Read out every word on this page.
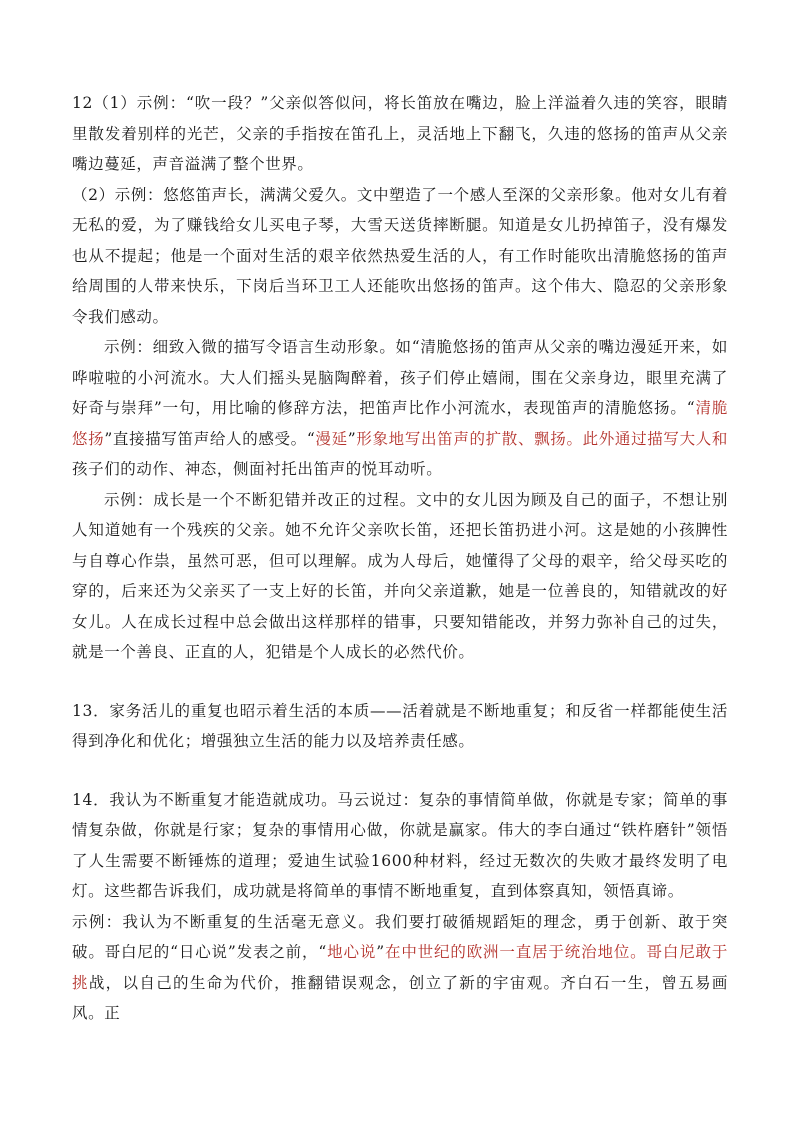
12（1）示例：“吹一段？”父亲似答似问，将长笛放在嘴边，脸上洋溢着久违的笑容，眼睛里散发着别样的光芒，父亲的手指按在笛孔上，灵活地上下翻飞，久违的悠扬的笛声从父亲嘴边蔓延，声音溢满了整个世界。

（2）示例：悠悠笛声长，满满父爱久。文中塑造了一个感人至深的父亲形象。他对女儿有着无私的爱，为了赚钱给女儿买电子琴，大雪天送货摔断腿。知道是女儿扔掉笛子，没有爆发也从不提起；他是一个面对生活的艰辛依然热爱生活的人，有工作时能吹出清脆悠扬的笛声给周围的人带来快乐，下岗后当环卫工人还能吹出悠扬的笛声。这个伟大、隐忍的父亲形象令我们感动。

示例：细致入微的描写令语言生动形象。如“清脆悠扬的笛声从父亲的嘴边漫延开来，如哗啦啦的小河流水。大人们摇头晃脑陶醉着，孩子们停止嬉闹，围在父亲身边，眼里充满了好奇与崇拜”一句，用比喻的修辞方法，把笛声比作小河流水，表现笛声的清脆悠扬。“清脆悠扬”直接描写笛声给人的感受。“漫延”形象地写出笛声的扩散、飘扬。此外通过描写大人和孩子们的动作、神态，侧面衬托出笛声的悦耳动听。

示例：成长是一个不断犯错并改正的过程。文中的女儿因为顾及自己的面子，不想让别人知道她有一个残疾的父亲。她不允许父亲吹长笛，还把长笛扔进小河。这是她的小孩脾性与自尊心作祟，虽然可恶，但可以理解。成为人母后，她懂得了父母的艰辛，给父母买吃的穿的，后来还为父亲买了一支上好的长笛，并向父亲道歉，她是一位善良的，知错就改的好女儿。人在成长过程中总会做出这样那样的错事，只要知错能改，并努力弥补自己的过失，就是一个善良、正直的人，犯错是个人成长的必然代价。

13．家务活儿的重复也昭示着生活的本质——活着就是不断地重复；和反省一样都能使生活得到净化和优化；增强独立生活的能力以及培养责任感。

14．我认为不断重复才能造就成功。马云说过：复杂的事情简单做，你就是专家；简单的事情复杂做，你就是行家；复杂的事情用心做，你就是赢家。伟大的李白通过“铁杵磨针”领悟了人生需要不断锤炼的道理；爱迪生试验1600种材料，经过无数次的失败才最终发明了电灯。这些都告诉我们，成功就是将简单的事情不断地重复，直到体察真知，领悟真谛。

示例：我认为不断重复的生活毫无意义。我们要打破循规蹈矩的理念，勇于创新、敢于突破。哥白尼的“日心说”发表之前，“地心说”在中世纪的欧洲一直居于统治地位。哥白尼敢于挑战，以自己的生命为代价，推翻错误观念，创立了新的宇宙观。齐白石一生，曾五易画风。正
